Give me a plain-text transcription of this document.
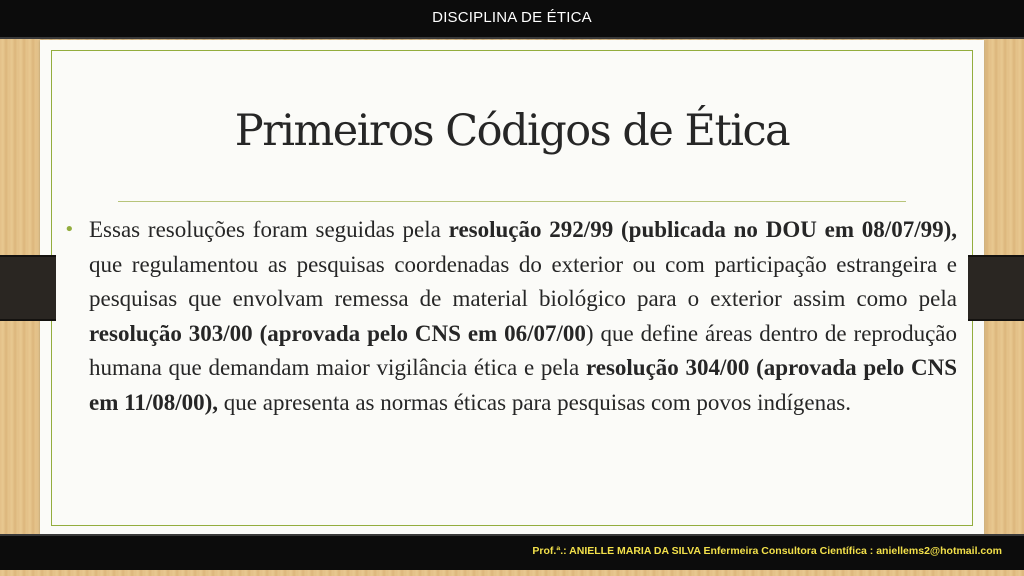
DISCIPLINA DE ÉTICA
Primeiros Códigos de Ética
• Essas resoluções foram seguidas pela resolução 292/99 (publicada no DOU em 08/07/99), que regulamentou as pesquisas coordenadas do exterior ou com participação estrangeira e pesquisas que envolvam remessa de material biológico para o exterior assim como pela resolução 303/00 (aprovada pelo CNS em 06/07/00) que define áreas dentro de reprodução humana que demandam maior vigilância ética e pela resolução 304/00 (aprovada pelo CNS em 11/08/00), que apresenta as normas éticas para pesquisas com povos indígenas.

Prof.ª.: ANIELLE MARIA DA SILVA Enfermeira Consultora Científica : aniellems2@hotmail.com
